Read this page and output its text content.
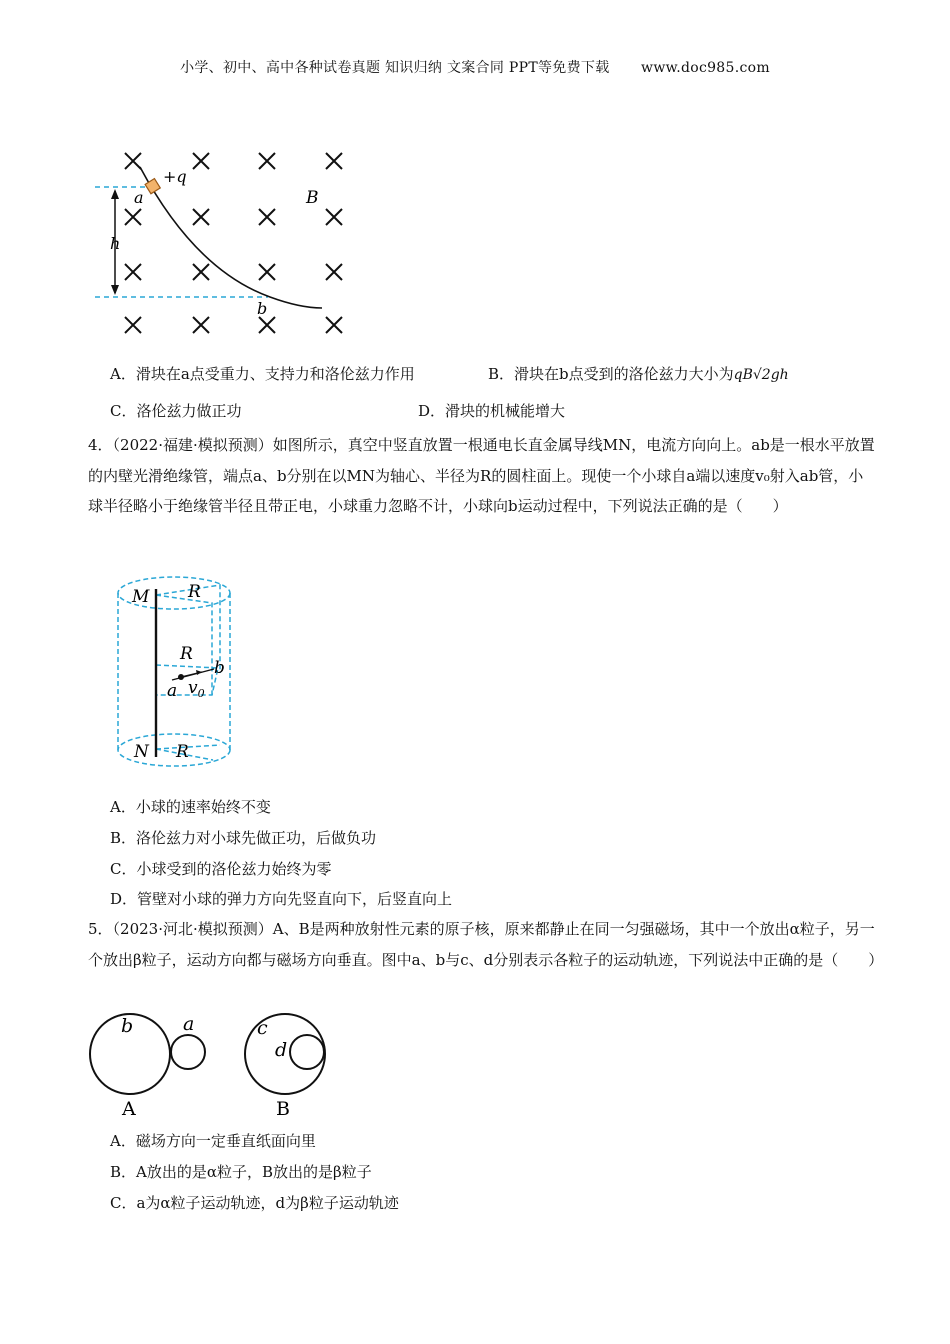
小学、初中、高中各种试卷真题 知识归纳 文案合同 PPT等免费下载 www.doc985.com
+q
a
h
B
b
A．滑块在a点受重力、支持力和洛伦兹力作用	B．滑块在b点受到的洛伦兹力大小为qB√2gh
C．洛伦兹力做正功	D．滑块的机械能增大
4．（2022·福建·模拟预测）如图所示，真空中竖直放置一根通电长直金属导线MN，电流方向向上。ab是一根水平放置的内壁光滑绝缘管，端点a、b分别在以MN为轴心、半径为R的圆柱面上。现使一个小球自a端以速度v₀射入ab管，小球半径略小于绝缘管半径且带正电，小球重力忽略不计，小球向b运动过程中，下列说法正确的是（　　）
M R
R
b
a $v_0$
N R
A．小球的速率始终不变
B．洛伦兹力对小球先做正功，后做负功
C．小球受到的洛伦兹力始终为零
D．管壁对小球的弹力方向先竖直向下，后竖直向上
5．（2023·河北·模拟预测）A、B是两种放射性元素的原子核，原来都静止在同一匀强磁场，其中一个放出α粒子，另一个放出β粒子，运动方向都与磁场方向垂直。图中a、b与c、d分别表示各粒子的运动轨迹，下列说法中正确的是（　　）
b	a
A
c
d
B
A．磁场方向一定垂直纸面向里
B．A放出的是α粒子，B放出的是β粒子
C．a为α粒子运动轨迹，d为β粒子运动轨迹
